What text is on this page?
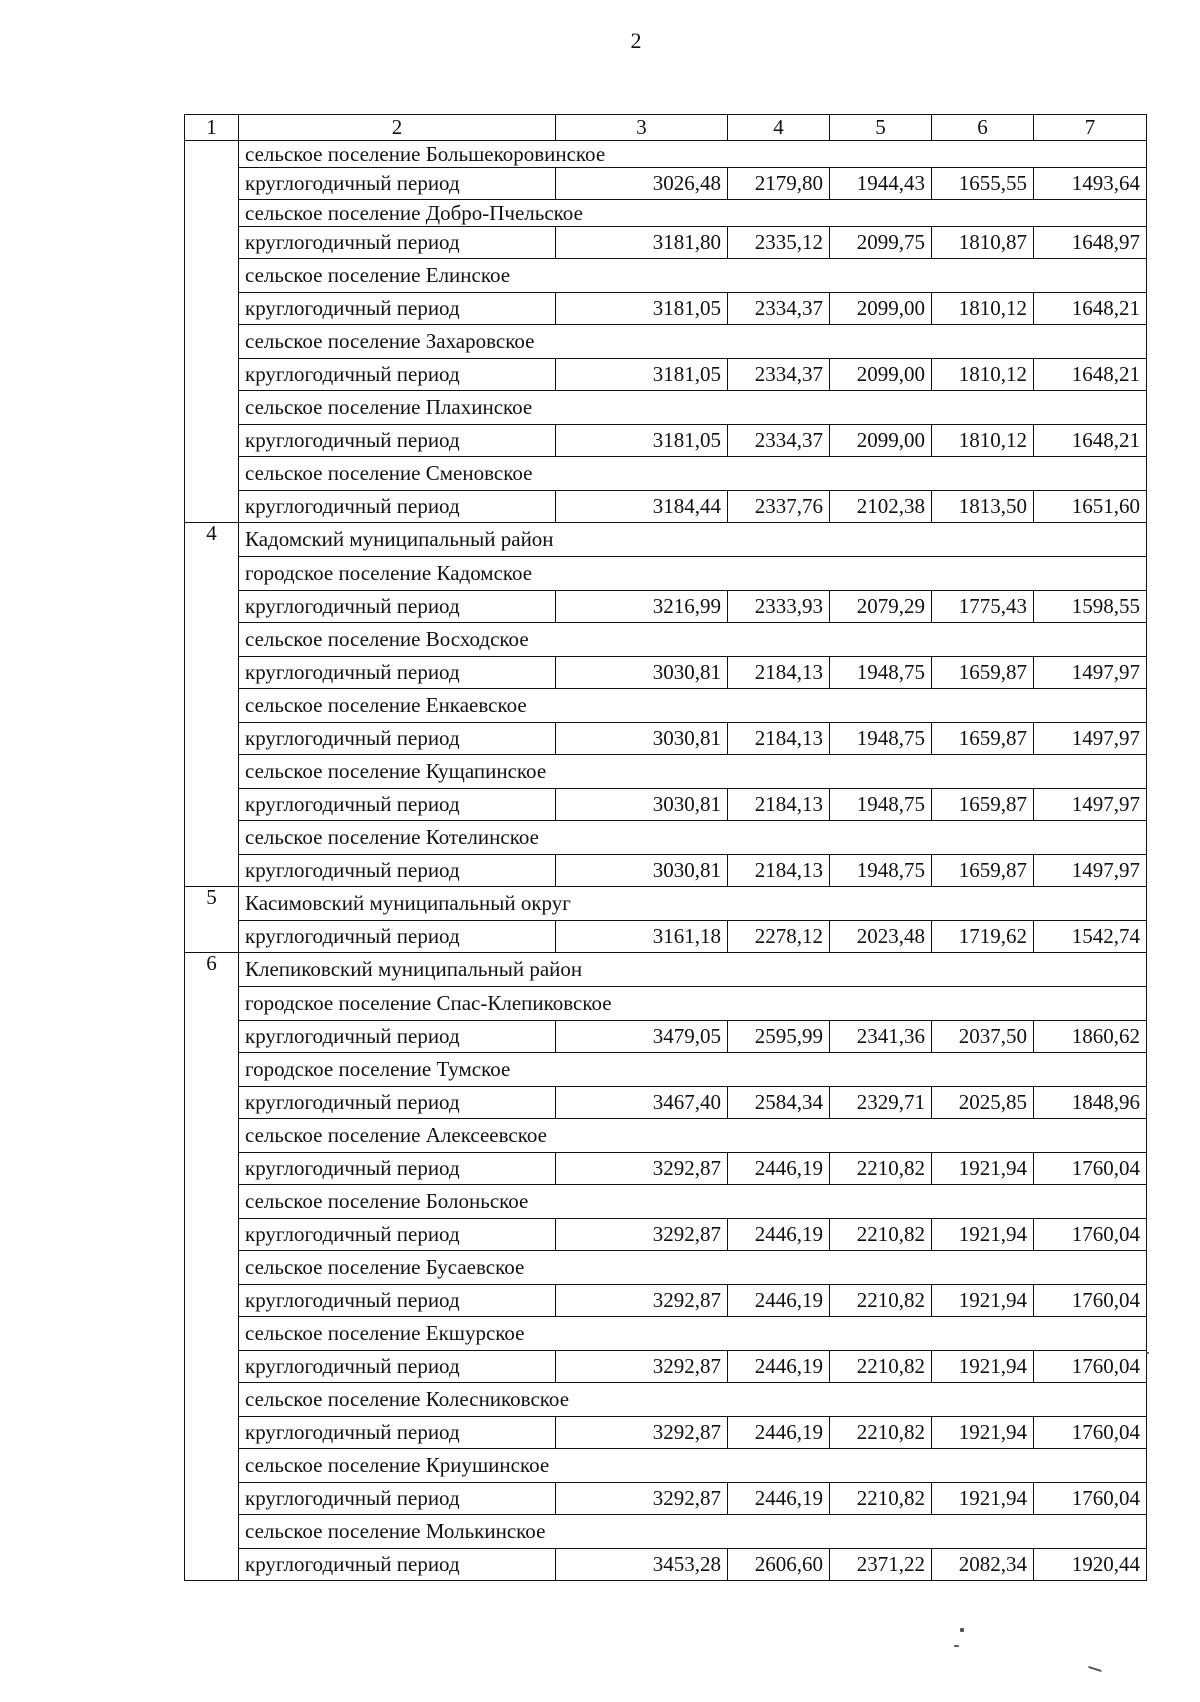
2
1	2	3	4	5	6	7
	сельское поселение Большекоровинское					
	круглогодичный период	3026,48	2179,80	1944,43	1655,55	1493,64
	сельское поселение Добро-Пчельское					
	круглогодичный период	3181,80	2335,12	2099,75	1810,87	1648,97
	сельское поселение Елинское					
	круглогодичный период	3181,05	2334,37	2099,00	1810,12	1648,21
	сельское поселение Захаровское					
	круглогодичный период	3181,05	2334,37	2099,00	1810,12	1648,21
	сельское поселение Плахинское					
	круглогодичный период	3181,05	2334,37	2099,00	1810,12	1648,21
	сельское поселение Сменовское					
	круглогодичный период	3184,44	2337,76	2102,38	1813,50	1651,60
4	Кадомский муниципальный район					
	городское поселение Кадомское					
	круглогодичный период	3216,99	2333,93	2079,29	1775,43	1598,55
	сельское поселение Восходское					
	круглогодичный период	3030,81	2184,13	1948,75	1659,87	1497,97
	сельское поселение Енкаевское					
	круглогодичный период	3030,81	2184,13	1948,75	1659,87	1497,97
	сельское поселение Кущапинское					
	круглогодичный период	3030,81	2184,13	1948,75	1659,87	1497,97
	сельское поселение Котелинское					
	круглогодичный период	3030,81	2184,13	1948,75	1659,87	1497,97
5	Касимовский муниципальный округ					
	круглогодичный период	3161,18	2278,12	2023,48	1719,62	1542,74
6	Клепиковский муниципальный район					
	городское поселение Спас-Клепиковское					
	круглогодичный период	3479,05	2595,99	2341,36	2037,50	1860,62
	городское поселение Тумское					
	круглогодичный период	3467,40	2584,34	2329,71	2025,85	1848,96
	сельское поселение Алексеевское					
	круглогодичный период	3292,87	2446,19	2210,82	1921,94	1760,04
	сельское поселение Болоньское					
	круглогодичный период	3292,87	2446,19	2210,82	1921,94	1760,04
	сельское поселение Бусаевское					
	круглогодичный период	3292,87	2446,19	2210,82	1921,94	1760,04
	сельское поселение Екшурское					
	круглогодичный период	3292,87	2446,19	2210,82	1921,94	1760,04
	сельское поселение Колесниковское					
	круглогодичный период	3292,87	2446,19	2210,82	1921,94	1760,04
	сельское поселение Криушинское					
	круглогодичный период	3292,87	2446,19	2210,82	1921,94	1760,04
	сельское поселение Молькинское					
	круглогодичный период	3453,28	2606,60	2371,22	2082,34	1920,44
